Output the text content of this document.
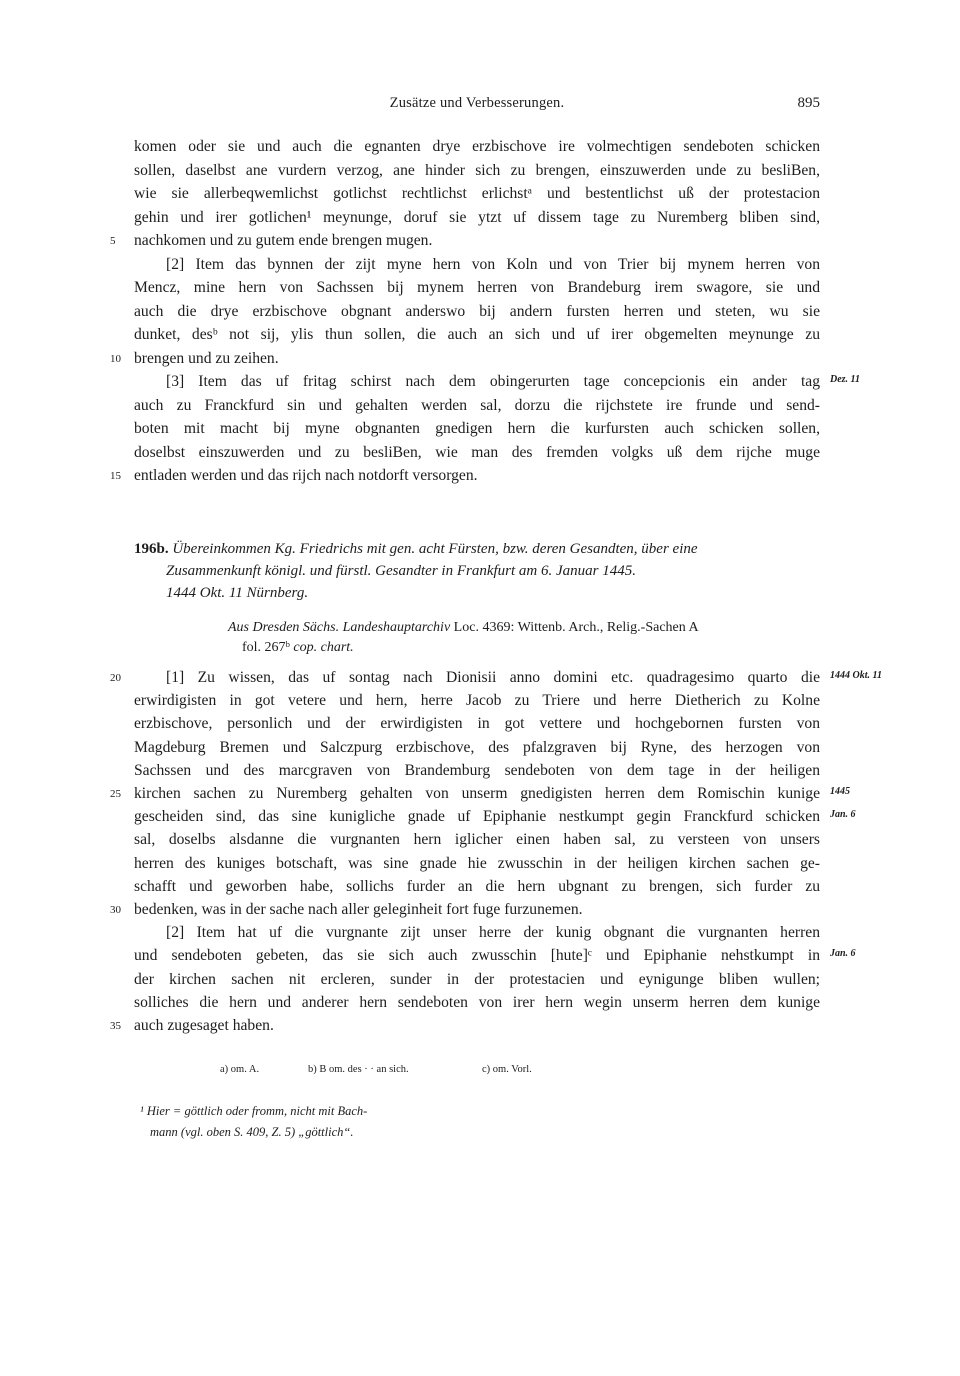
Zusätze und Verbesserungen.	895
komen oder sie und auch die egnanten drye erzbischove ire volmechtigen sendeboten schicken
sollen, daselbst ane vurdern verzog, ane hinder sich zu brengen, einszuwerden unde zu besliBen,
wie sie allerbeqwemlichst gotlichst rechtlichst erlichstᵃ und bestentlichst uß der protestacion
gehin und irer gotlichen¹ meynunge, doruf sie ytzt uf dissem tage zu Nuremberg bliben sind,
nachkomen und zu gutem ende brengen mugen.
5
[2] Item das bynnen der zijt myne hern von Koln und von Trier bij mynem herren von
Mencz, mine hern von Sachssen bij mynem herren von Brandeburg irem swagore, sie und
auch die drye erzbischove obgnant anderswo bij andern fursten herren und steten, wu sie
dunket, desᵇ not sij, ylis thun sollen, die auch an sich und uf irer obgemelten meynunge zu
brengen und zu zeihen.
10
[3] Item das uf fritag schirst nach dem obingerurten tage concepcionis ein ander tag Dez. 11
auch zu Franckfurd sin und gehalten werden sal, dorzu die rijchstete ire frunde und send-
boten mit macht bij myne obgnanten gnedigen hern die kurfursten auch schicken sollen,
doselbst einszuwerden und zu besliBen, wie man des fremden volgks uß dem rijche muge
entladen werden und das rijch nach notdorft versorgen.
15
196b. Übereinkommen Kg. Friedrichs mit gen. acht Fürsten, bzw. deren Gesandten, über eine
Zusammenkunft königl. und fürstl. Gesandter in Frankfurt am 6. Januar 1445.
1444 Okt. 11 Nürnberg.
Aus Dresden Sächs. Landeshauptarchiv Loc. 4369: Wittenb. Arch., Relig.-Sachen A
fol. 267ᵇ cop. chart.
[1] Zu wissen, das uf sontag nach Dionisii anno domini etc. quadragesimo quarto die
20	1444 Okt. 11
erwirdigisten in got vetere und hern, herre Jacob zu Triere und herre Dietherich zu Kolne
erzbischove, personlich und der erwirdigisten in got vettere und hochgebornen fursten von
Magdeburg Bremen und Salczpurg erzbischove, des pfalzgraven bij Ryne, des herzogen von
Sachssen und des marcgraven von Brandemburg sendeboten von dem tage in der heiligen
kirchen sachen zu Nuremberg gehalten von unserm gnedigisten herren dem Romischin kunige
25	1445
gescheiden sind, das sine kunigliche gnade uf Epiphanie nestkumpt gegin Franckfurd schicken Jan. 6
sal, doselbs alsdanne die vurgnanten hern iglicher einen haben sal, zu versteen von unsers
herren des kuniges botschaft, was sine gnade hie zwusschin in der heiligen kirchen sachen ge-
schafft und geworben habe, sollichs furder an die hern ubgnant zu brengen, sich furder zu
bedenken, was in der sache nach aller geleginheit fort fuge furzunemen.
30
[2] Item hat uf die vurgnante zijt unser herre der kunig obgnant die vurgnanten herren
und sendeboten gebeten, das sie sich auch zwusschin [hute]ᶜ und Epiphanie nehstkumpt in Jan. 6
der kirchen sachen nit ercleren, sunder in der protestacien und eynigunge bliben wullen;
solliches die hern und anderer hern sendeboten von irer hern wegin unserm herren dem kunige
auch zugesaget haben.
35
a) om. A.	b) B om. des · · an sich.	c) om. Vorl.
¹ Hier = göttlich oder fromm, nicht mit Bach-
mann (vgl. oben S. 409, Z. 5) „göttlich“.
